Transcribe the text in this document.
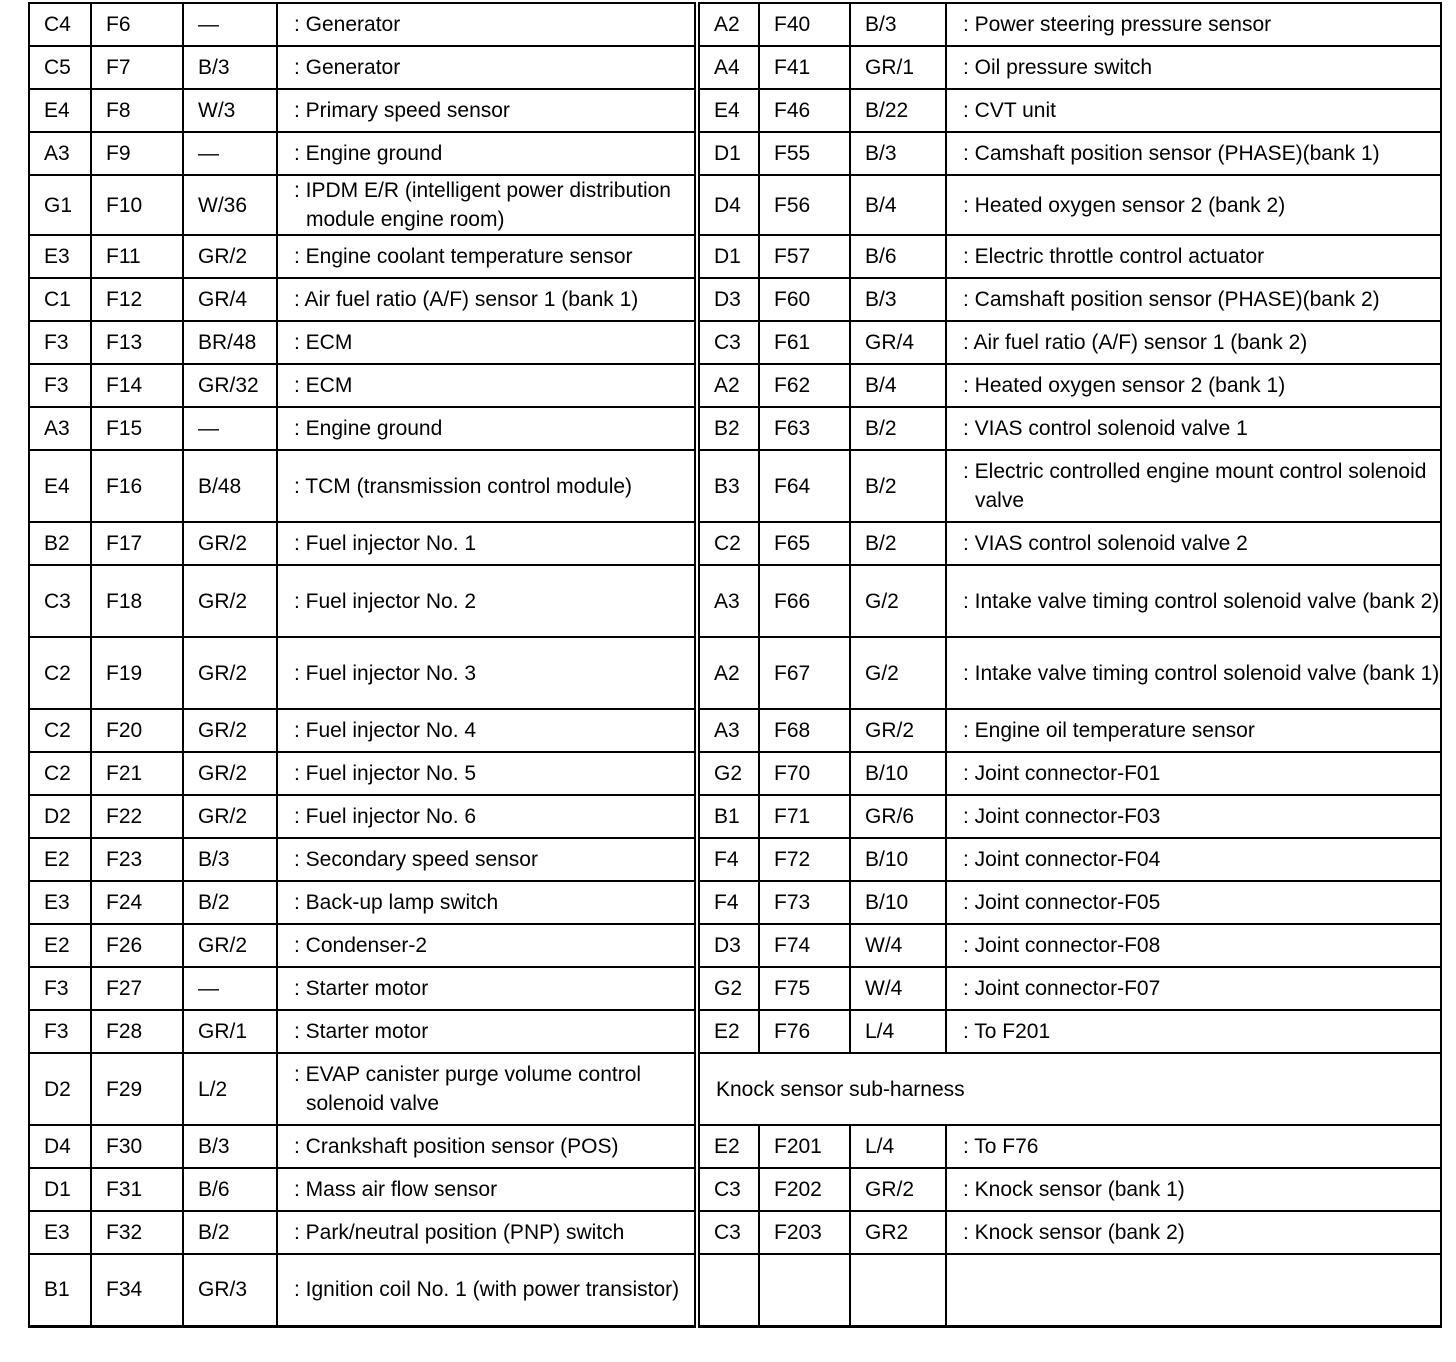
C4	F6	—	: Generator	A2	F40	B/3	: Power steering pressure sensor

C5	F7	B/3	: Generator	A4	F41	GR/1	: Oil pressure switch

E4	F8	W/3	: Primary speed sensor	E4	F46	B/22	: CVT unit

A3	F9	—	: Engine ground	D1	F55	B/3	: Camshaft position sensor (PHASE)(bank 1)

G1	F10	W/36	: IPDM E/R (intelligent power distribution module engine room)	D4	F56	B/4	: Heated oxygen sensor 2 (bank 2)

E3	F11	GR/2	: Engine coolant temperature sensor	D1	F57	B/6	: Electric throttle control actuator

C1	F12	GR/4	: Air fuel ratio (A/F) sensor 1 (bank 1)	D3	F60	B/3	: Camshaft position sensor (PHASE)(bank 2)

F3	F13	BR/48	: ECM	C3	F61	GR/4	: Air fuel ratio (A/F) sensor 1 (bank 2)

F3	F14	GR/32	: ECM	A2	F62	B/4	: Heated oxygen sensor 2 (bank 1)

A3	F15	—	: Engine ground	B2	F63	B/2	: VIAS control solenoid valve 1

E4	F16	B/48	: TCM (transmission control module)	B3	F64	B/2	: Electric controlled engine mount control solenoid valve

B2	F17	GR/2	: Fuel injector No. 1	C2	F65	B/2	: VIAS control solenoid valve 2

C3	F18	GR/2	: Fuel injector No. 2	A3	F66	G/2	: Intake valve timing control solenoid valve (bank 2)

C2	F19	GR/2	: Fuel injector No. 3	A2	F67	G/2	: Intake valve timing control solenoid valve (bank 1)

C2	F20	GR/2	: Fuel injector No. 4	A3	F68	GR/2	: Engine oil temperature sensor

C2	F21	GR/2	: Fuel injector No. 5	G2	F70	B/10	: Joint connector-F01

D2	F22	GR/2	: Fuel injector No. 6	B1	F71	GR/6	: Joint connector-F03

E2	F23	B/3	: Secondary speed sensor	F4	F72	B/10	: Joint connector-F04

E3	F24	B/2	: Back-up lamp switch	F4	F73	B/10	: Joint connector-F05

E2	F26	GR/2	: Condenser-2	D3	F74	W/4	: Joint connector-F08

F3	F27	—	: Starter motor	G2	F75	W/4	: Joint connector-F07

F3	F28	GR/1	: Starter motor	E2	F76	L/4	: To F201

D2	F29	L/2	: EVAP canister purge volume control solenoid valve	Knock sensor sub-harness			
D4	F30	B/3	: Crankshaft position sensor (POS)	E2	F201	L/4	: To F76

D1	F31	B/6	: Mass air flow sensor	C3	F202	GR/2	: Knock sensor (bank 1)

E3	F32	B/2	: Park/neutral position (PNP) switch	C3	F203	GR2	: Knock sensor (bank 2)

B1	F34	GR/3	: Ignition coil No. 1 (with power transistor)				
